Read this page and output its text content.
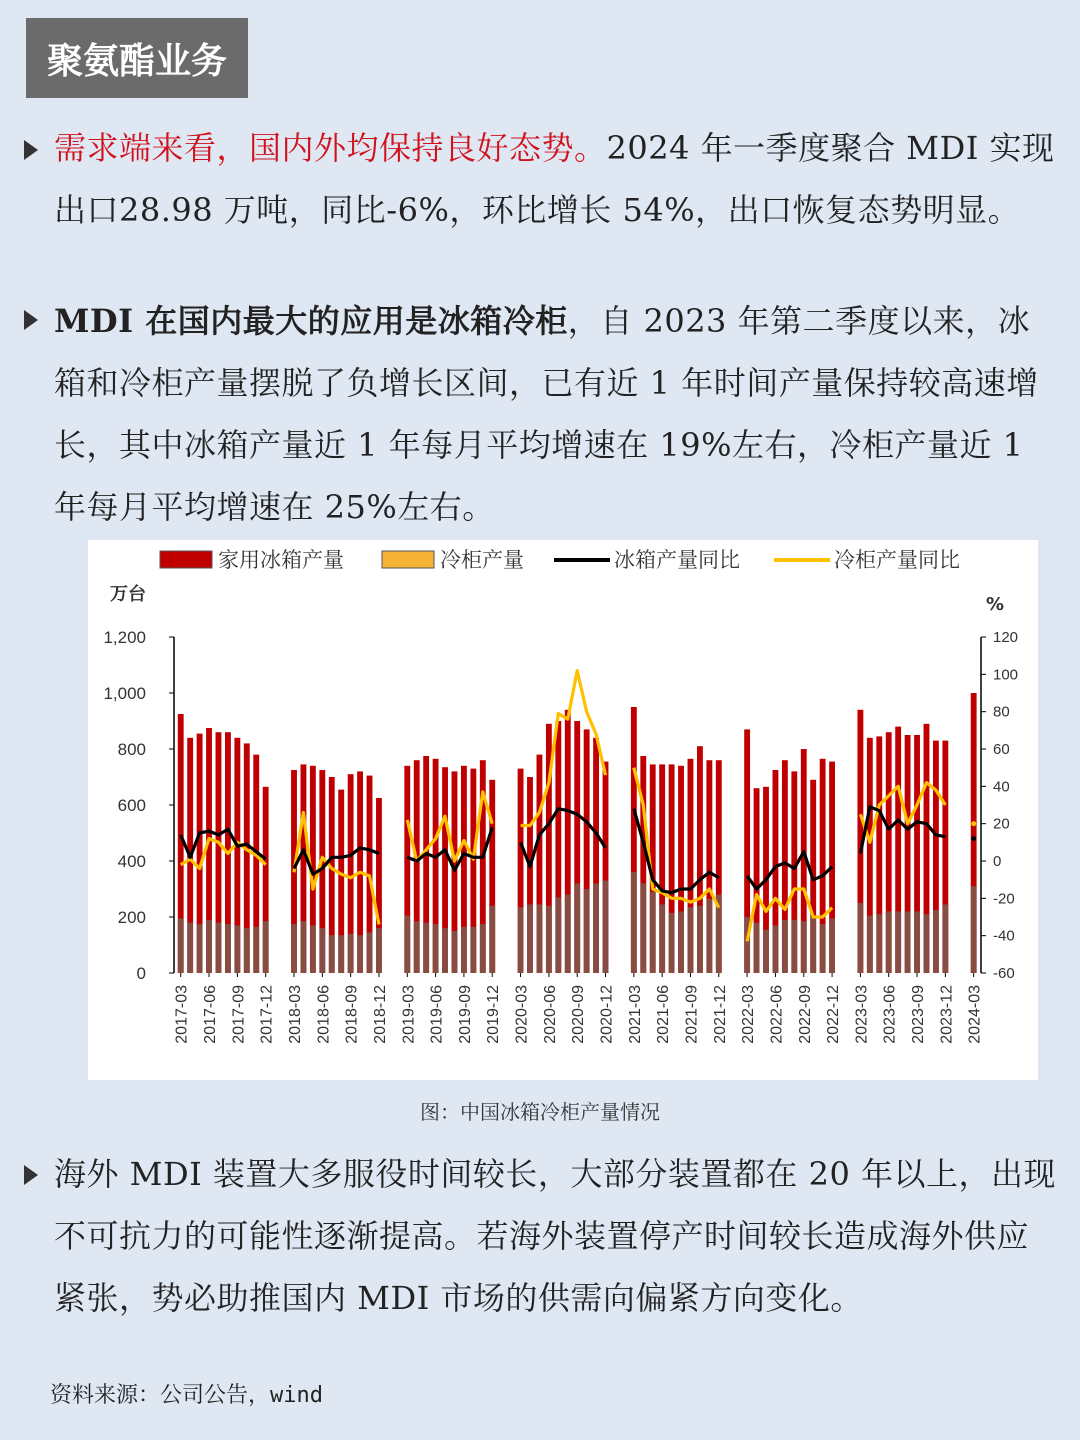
聚氨酯业务
需求端来看，国内外均保持良好态势。2024 年一季度聚合 MDI 实现出口28.98 万吨，同比-6%，环比增长 54%，出口恢复态势明显。
MDI 在国内最大的应用是冰箱冷柜，自 2023 年第二季度以来，冰箱和冷柜产量摆脱了负增长区间，已有近 1 年时间产量保持较高速增长，其中冰箱产量近 1 年每月平均增速在 19%左右，冷柜产量近 1 年每月平均增速在 25%左右。
0
200
400
600
800
1,000
1,200
-60
-40
-20
0
20
40
60
80
100
120
万台	%
家用冰箱产量	冷柜产量	冰箱产量同比	冷柜产量同比
2017-03 2017-06 2017-09 2017-12 2018-03 2018-06 2018-09 2018-12 2019-03 2019-06 2019-09 2019-12 2020-03 2020-06 2020-09 2020-12 2021-03 2021-06 2021-09 2021-12 2022-03 2022-06 2022-09 2022-12 2023-03 2023-06 2023-09 2023-12 2024-03
图：中国冰箱冷柜产量情况
海外 MDI 装置大多服役时间较长，大部分装置都在 20 年以上，出现不可抗力的可能性逐渐提高。若海外装置停产时间较长造成海外供应紧张，势必助推国内 MDI 市场的供需向偏紧方向变化。
资料来源：公司公告，wind
